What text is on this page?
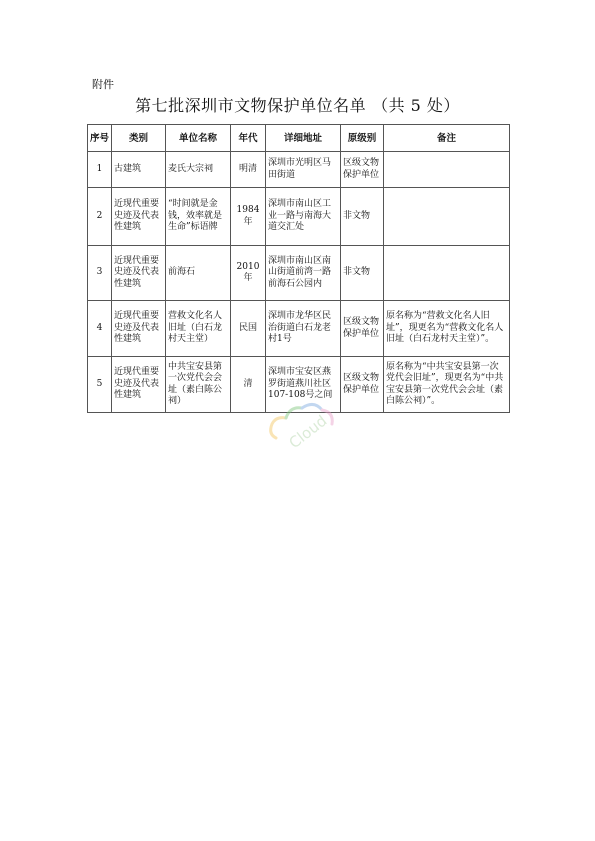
附件
第七批深圳市文物保护单位名单 （共 5 处）
序号	类别	单位名称	年代	详细地址	原级别	备注
1	古建筑	麦氏大宗祠	明清	深圳市光明区马田街道	区级文物保护单位	
2	近现代重要史迹及代表性建筑	“时间就是金钱，效率就是生命”标语牌	1984年	深圳市南山区工业一路与南海大道交汇处	非文物	
3	近现代重要史迹及代表性建筑	前海石	2010年	深圳市南山区南山街道前湾一路前海石公园内	非文物	
4	近现代重要史迹及代表性建筑	营救文化名人旧址（白石龙村天主堂）	民国	深圳市龙华区民治街道白石龙老村1号	区级文物保护单位	原名称为“营救文化名人旧址”，现更名为“营救文化名人旧址（白石龙村天主堂）”。
5	近现代重要史迹及代表性建筑	中共宝安县第一次党代会会址（素白陈公祠）	清	深圳市宝安区燕罗街道燕川社区107-108号之间	区级文物保护单位	原名称为“中共宝安县第一次党代会旧址”，现更名为“中共宝安县第一次党代会会址（素白陈公祠）”。
Cloud
